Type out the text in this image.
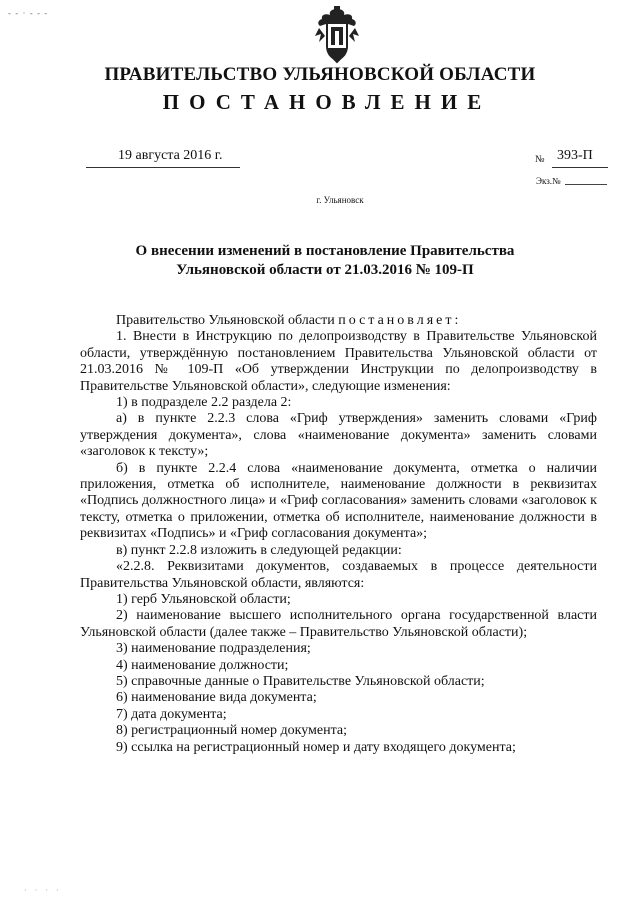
- - · - - -
ПРАВИТЕЛЬСТВО УЛЬЯНОВСКОЙ ОБЛАСТИ
ПОСТАНОВЛЕНИЕ
19 августа 2016 г.	№ 393-П
Экз.№
г. Ульяновск
О внесении изменений в постановление Правительства
Ульяновской области от 21.03.2016 № 109-П

Правительство Ульяновской области постановляет:

1. Внести в Инструкцию по делопроизводству в Правительстве Ульяновской области, утверждённую постановлением Правительства Ульяновской области от 21.03.2016 № 109-П «Об утверждении Инструкции по делопроизводству в Правительстве Ульяновской области», следующие изменения:

1) в подразделе 2.2 раздела 2:

а) в пункте 2.2.3 слова «Гриф утверждения» заменить словами «Гриф утверждения документа», слова «наименование документа» заменить словами «заголовок к тексту»;

б) в пункте 2.2.4 слова «наименование документа, отметка о наличии приложения, отметка об исполнителе, наименование должности в реквизитах «Подпись должностного лица» и «Гриф согласования» заменить словами «заголовок к тексту, отметка о приложении, отметка об исполнителе, наименование должности в реквизитах «Подпись» и «Гриф согласования документа»;

в) пункт 2.2.8 изложить в следующей редакции:

«2.2.8. Реквизитами документов, создаваемых в процессе деятельности Правительства Ульяновской области, являются:

1) герб Ульяновской области;

2) наименование высшего исполнительного органа государственной власти Ульяновской области (далее также – Правительство Ульяновской области);

3) наименование подразделения;

4) наименование должности;

5) справочные данные о Правительстве Ульяновской области;

6) наименование вида документа;

7) дата документа;

8) регистрационный номер документа;

9) ссылка на регистрационный номер и дату входящего документа;

· · · ·
